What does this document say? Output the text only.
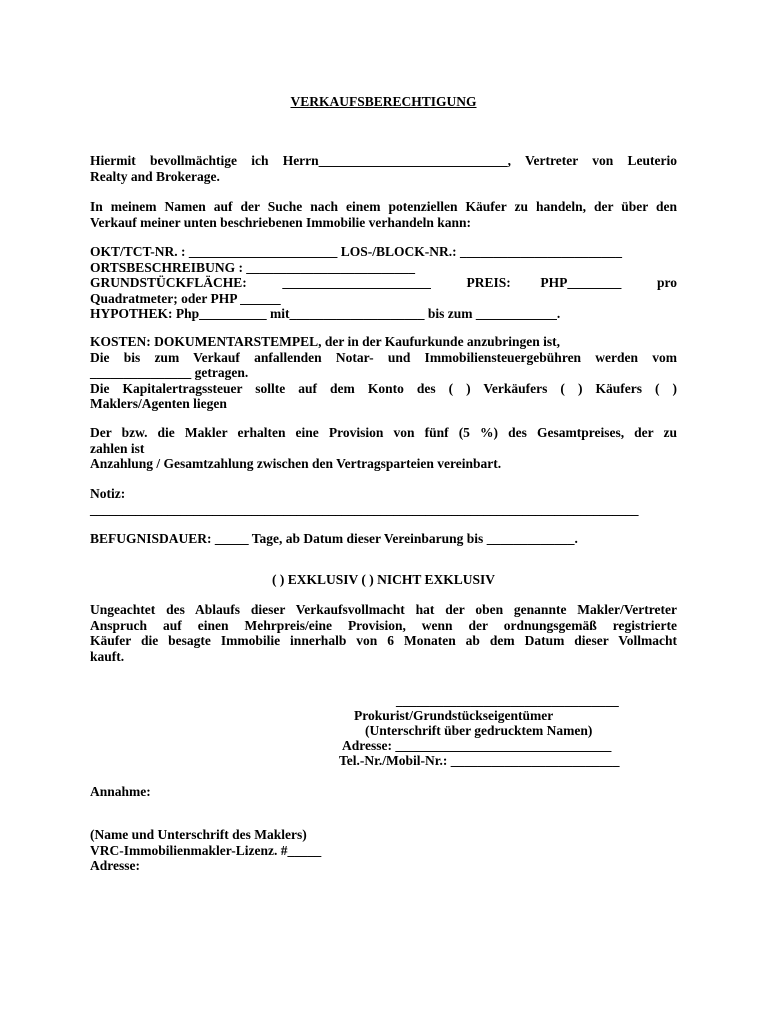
VERKAUFSBERECHTIGUNG

Hiermit bevollmächtige ich Herrn____________________________, Vertreter von Leuterio

Realty and Brokerage.

In meinem Namen auf der Suche nach einem potenziellen Käufer zu handeln, der über den

Verkauf meiner unten beschriebenen Immobilie verhandeln kann:

OKT/TCT-NR. : ______________________ LOS-/BLOCK-NR.: ________________________

ORTSBESCHREIBUNG : _________________________

GRUNDSTÜCKFLÄCHE:      ______________________      PREIS:     PHP________      pro

Quadratmeter; oder PHP ______

HYPOTHEK: Php__________ mit____________________ bis zum ____________.

KOSTEN: DOKUMENTARSTEMPEL, der in der Kaufurkunde anzubringen ist,

Die bis zum Verkauf anfallenden Notar- und Immobiliensteuergebühren werden vom

_______________ getragen.

Die Kapitalertragssteuer sollte auf dem Konto des ( ) Verkäufers ( ) Käufers ( )

Maklers/Agenten liegen

Der bzw. die Makler erhalten eine Provision von fünf (5 %) des Gesamtpreises, der zu

zahlen ist

Anzahlung / Gesamtzahlung zwischen den Vertragsparteien vereinbart.

Notiz:

_____________________________________________________________________________________

BEFUGNISDAUER: _____ Tage, ab Datum dieser Vereinbarung bis _____________.

( ) EXKLUSIV ( ) NICHT EXKLUSIV

Ungeachtet des Ablaufs dieser Verkaufsvollmacht hat der oben genannte Makler/Vertreter

Anspruch auf einen Mehrpreis/eine Provision, wenn der ordnungsgemäß registrierte

Käufer die besagte Immobilie innerhalb von 6 Monaten ab dem Datum dieser Vollmacht

kauft.

_________________________________

Prokurist/Grundstückseigentümer

(Unterschrift über gedrucktem Namen)

Adresse: ________________________________

Tel.-Nr./Mobil-Nr.: _________________________

Annahme:

(Name und Unterschrift des Maklers)

VRC-Immobilienmakler-Lizenz. #_____

Adresse:
